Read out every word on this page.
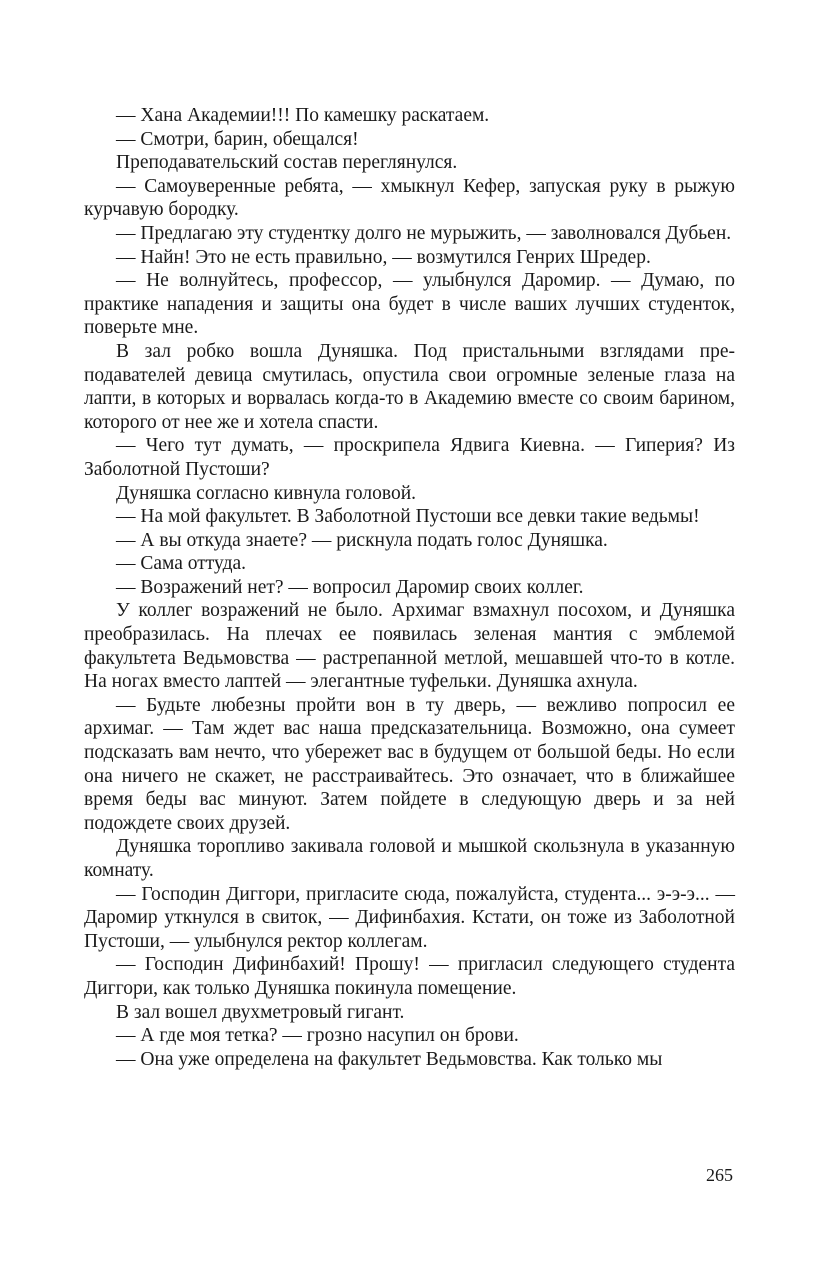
— Хана Академии!!! По камешку раскатаем.

— Смотри, барин, обещался!

Преподавательский состав переглянулся.

— Самоуверенные ребята, — хмыкнул Кефер, запуская руку в рыжую курчавую бородку.

— Предлагаю эту студентку долго не мурыжить, — заволновался Дубьен.

— Найн! Это не есть правильно, — возмутился Генрих Шредер.

— Не волнуйтесь, профессор, — улыбнулся Даромир. — Думаю, по практике нападения и защиты она будет в числе ваших лучших студенток, поверьте мне.

В зал робко вошла Дуняшка. Под пристальными взглядами преподавателей девица смутилась, опустила свои огромные зеленые глаза на лапти, в которых и ворвалась когда-то в Академию вместе со своим барином, которого от нее же и хотела спасти.

— Чего тут думать, — проскрипела Ядвига Киевна. — Гиперия? Из Заболотной Пустоши?

Дуняшка согласно кивнула головой.

— На мой факультет. В Заболотной Пустоши все девки такие ведьмы!

— А вы откуда знаете? — рискнула подать голос Дуняшка.

— Сама оттуда.

— Возражений нет? — вопросил Даромир своих коллег.

У коллег возражений не было. Архимаг взмахнул посохом, и Дуняшка преобразилась. На плечах ее появилась зеленая мантия с эмблемой факультета Ведьмовства — растрепанной метлой, мешавшей что-то в котле. На ногах вместо лаптей — элегантные туфельки. Дуняшка ахнула.

— Будьте любезны пройти вон в ту дверь, — вежливо попросил ее архимаг. — Там ждет вас наша предсказательница. Возможно, она сумеет подсказать вам нечто, что убережет вас в будущем от большой беды. Но если она ничего не скажет, не расстраивайтесь. Это означает, что в ближайшее время беды вас минуют. Затем пойдете в следующую дверь и за ней подождете своих друзей.

Дуняшка торопливо закивала головой и мышкой скользнула в указанную комнату.

— Господин Диггори, пригласите сюда, пожалуйста, студента... э-э-э... — Даромир уткнулся в свиток, — Дифинбахия. Кстати, он тоже из Заболотной Пустоши, — улыбнулся ректор коллегам.

— Господин Дифинбахий! Прошу! — пригласил следующего студента Диггори, как только Дуняшка покинула помещение.

В зал вошел двухметровый гигант.

— А где моя тетка? — грозно насупил он брови.

— Она уже определена на факультет Ведьмовства. Как только мы

265
